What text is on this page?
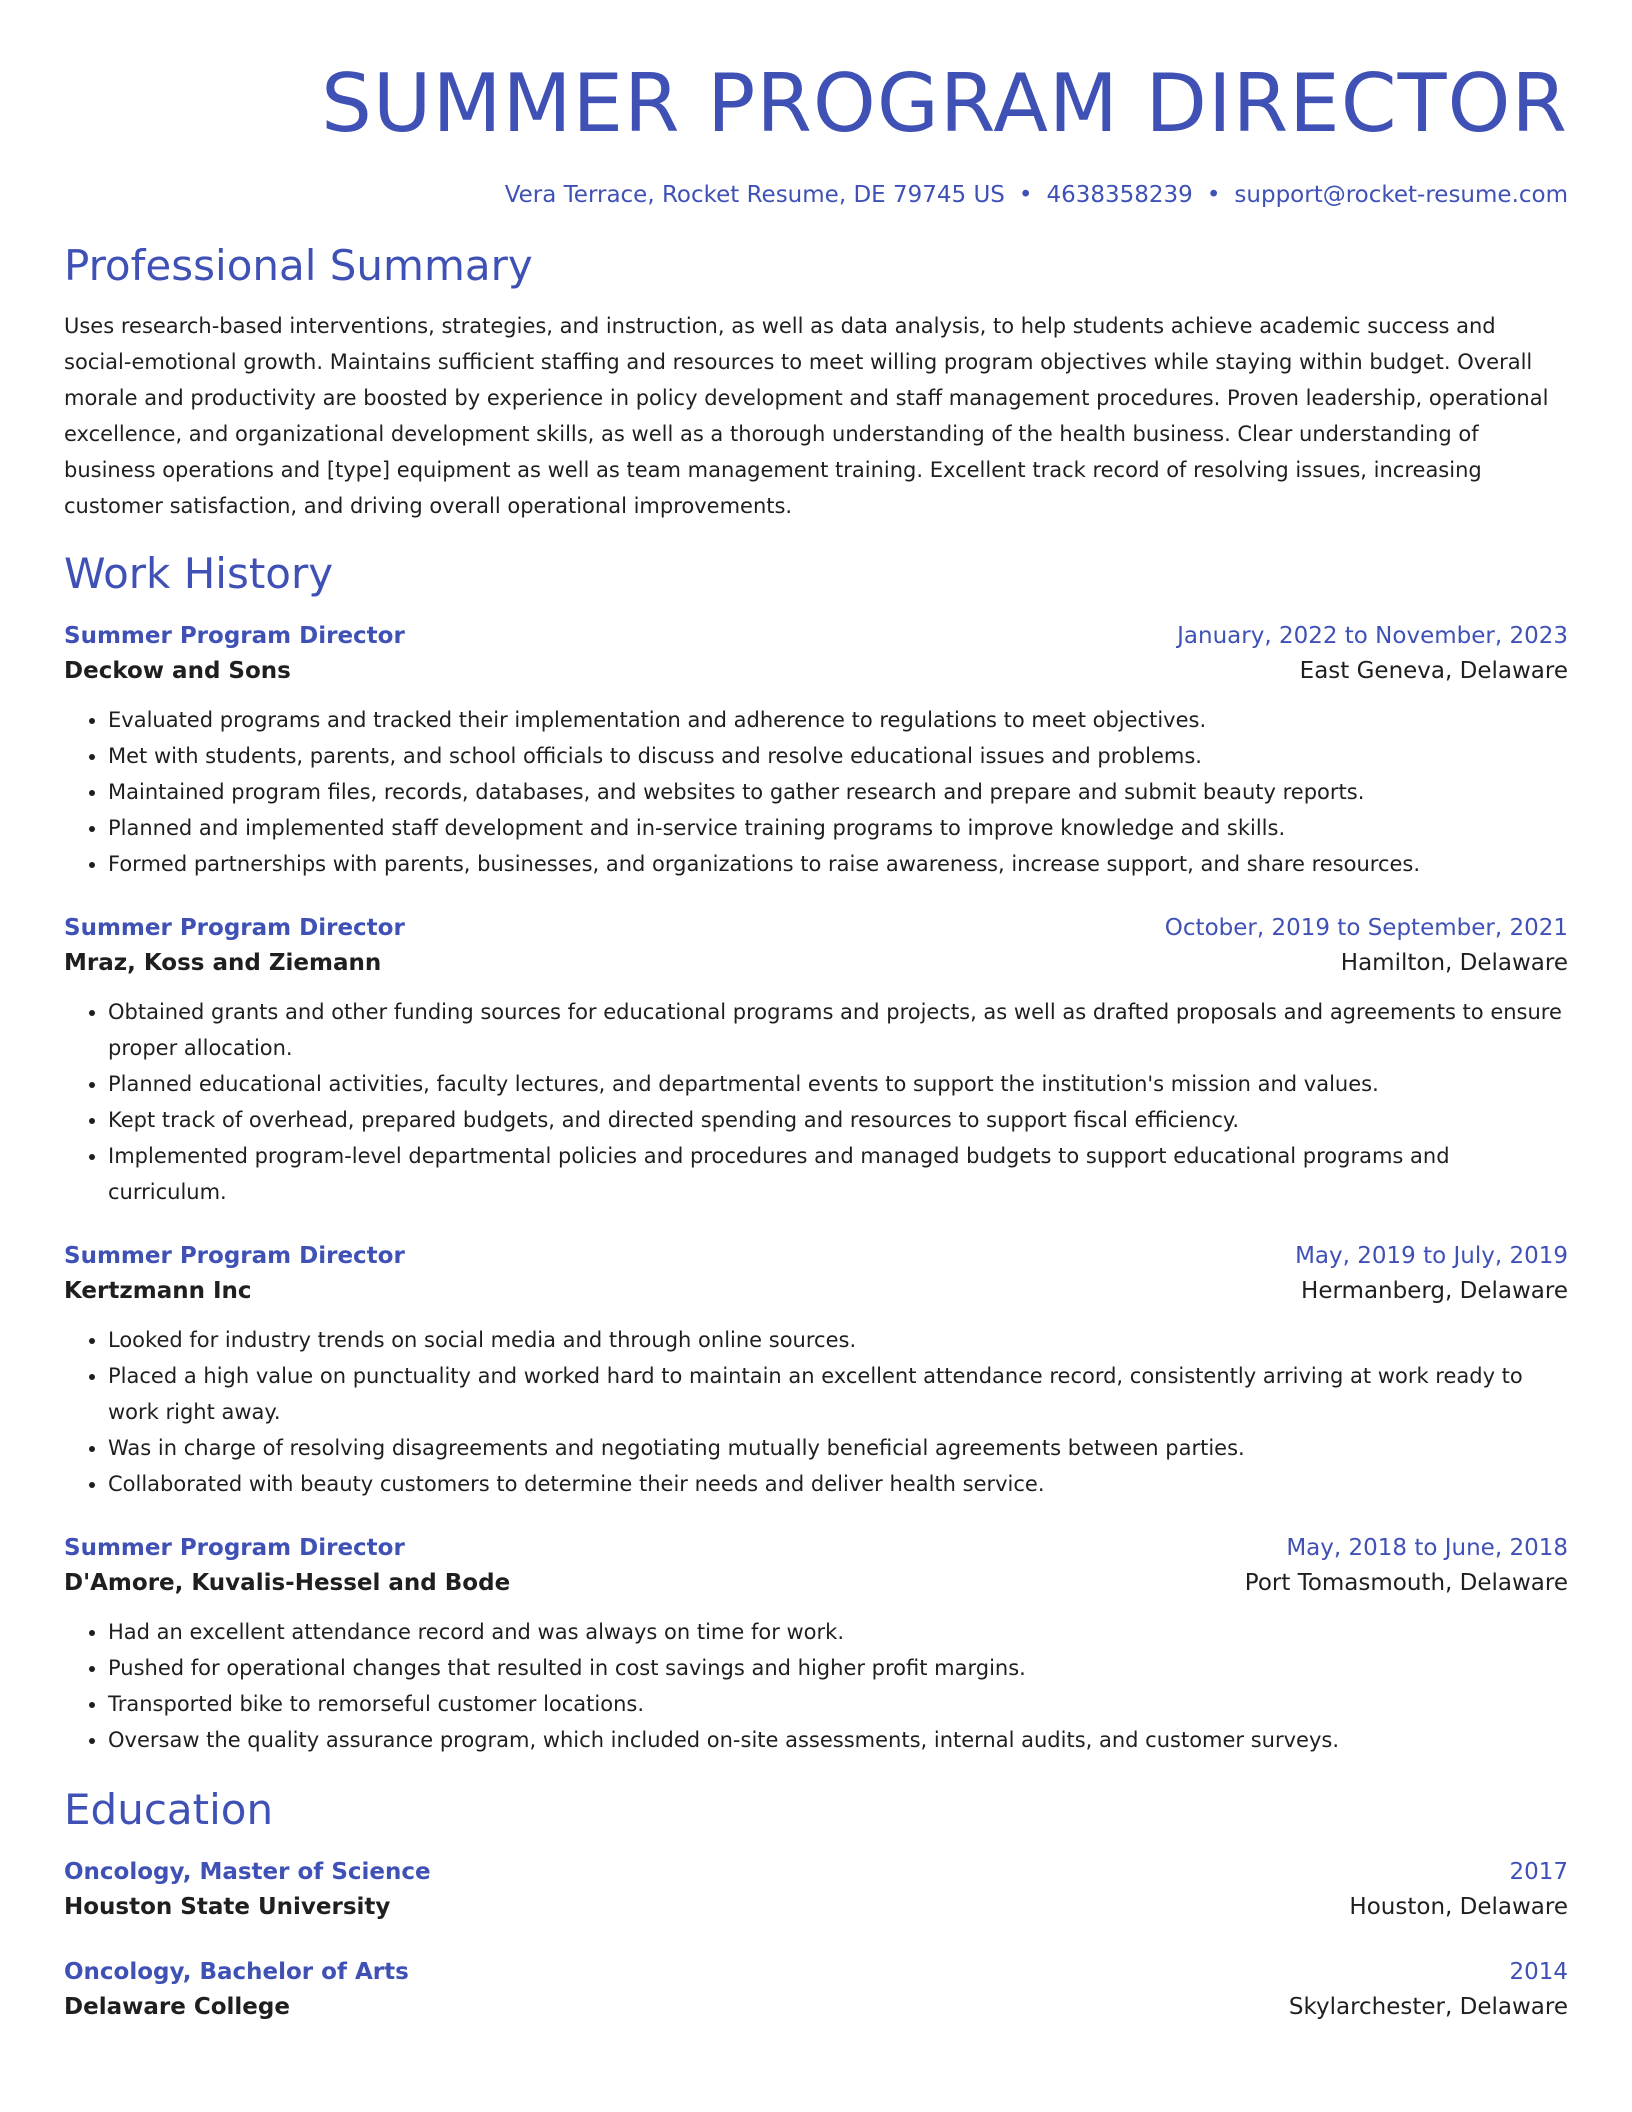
SUMMER PROGRAM DIRECTOR
Vera Terrace, Rocket Resume, DE 79745 US • 4638358239 • support@rocket-resume.com
Professional Summary
Uses research-based interventions, strategies, and instruction, as well as data analysis, to help students achieve academic success and social-emotional growth. Maintains sufficient staffing and resources to meet willing program objectives while staying within budget. Overall morale and productivity are boosted by experience in policy development and staff management procedures. Proven leadership, operational excellence, and organizational development skills, as well as a thorough understanding of the health business. Clear understanding of business operations and [type] equipment as well as team management training. Excellent track record of resolving issues, increasing customer satisfaction, and driving overall operational improvements.
Work History
Summer Program Director	January, 2022 to November, 2023
Deckow and Sons	East Geneva, Delaware
• Evaluated programs and tracked their implementation and adherence to regulations to meet objectives.
• Met with students, parents, and school officials to discuss and resolve educational issues and problems.
• Maintained program files, records, databases, and websites to gather research and prepare and submit beauty reports.
• Planned and implemented staff development and in-service training programs to improve knowledge and skills.
• Formed partnerships with parents, businesses, and organizations to raise awareness, increase support, and share resources.
Summer Program Director	October, 2019 to September, 2021
Mraz, Koss and Ziemann	Hamilton, Delaware
• Obtained grants and other funding sources for educational programs and projects, as well as drafted proposals and agreements to ensure proper allocation.
• Planned educational activities, faculty lectures, and departmental events to support the institution's mission and values.
• Kept track of overhead, prepared budgets, and directed spending and resources to support fiscal efficiency.
• Implemented program-level departmental policies and procedures and managed budgets to support educational programs and curriculum.
Summer Program Director	May, 2019 to July, 2019
Kertzmann Inc	Hermanberg, Delaware
• Looked for industry trends on social media and through online sources.
• Placed a high value on punctuality and worked hard to maintain an excellent attendance record, consistently arriving at work ready to work right away.
• Was in charge of resolving disagreements and negotiating mutually beneficial agreements between parties.
• Collaborated with beauty customers to determine their needs and deliver health service.
Summer Program Director	May, 2018 to June, 2018
D'Amore, Kuvalis-Hessel and Bode	Port Tomasmouth, Delaware
• Had an excellent attendance record and was always on time for work.
• Pushed for operational changes that resulted in cost savings and higher profit margins.
• Transported bike to remorseful customer locations.
• Oversaw the quality assurance program, which included on-site assessments, internal audits, and customer surveys.
Education
Oncology, Master of Science	2017
Houston State University	Houston, Delaware
Oncology, Bachelor of Arts	2014
Delaware College	Skylarchester, Delaware
